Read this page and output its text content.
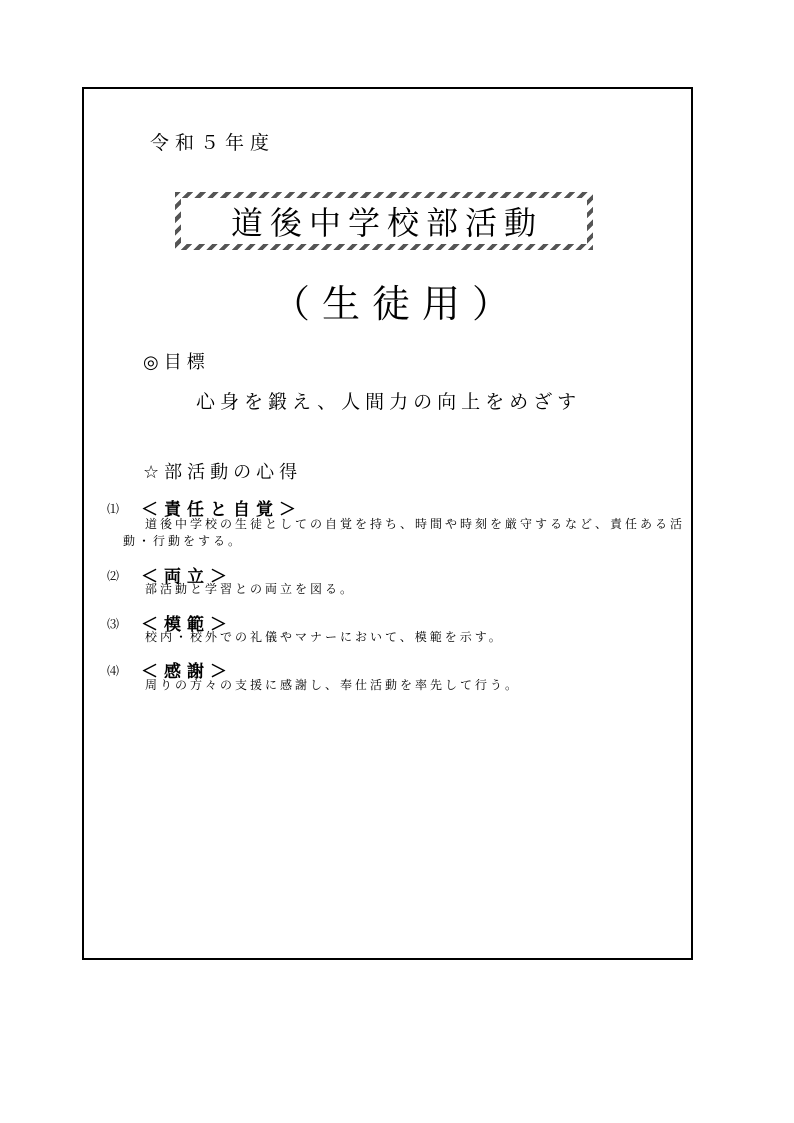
令和５年度
道後中学校部活動
（生徒用）
◎目標
心身を鍛え、人間力の向上をめざす
☆部活動の心得
⑴ ＜責任と自覚＞
道後中学校の生徒としての自覚を持ち、時間や時刻を厳守するなど、責任ある活動・行動をする。
⑵ ＜両立＞
部活動と学習との両立を図る。
⑶ ＜模範＞
校内・校外での礼儀やマナーにおいて、模範を示す。
⑷ ＜感謝＞
周りの方々の支援に感謝し、奉仕活動を率先して行う。
